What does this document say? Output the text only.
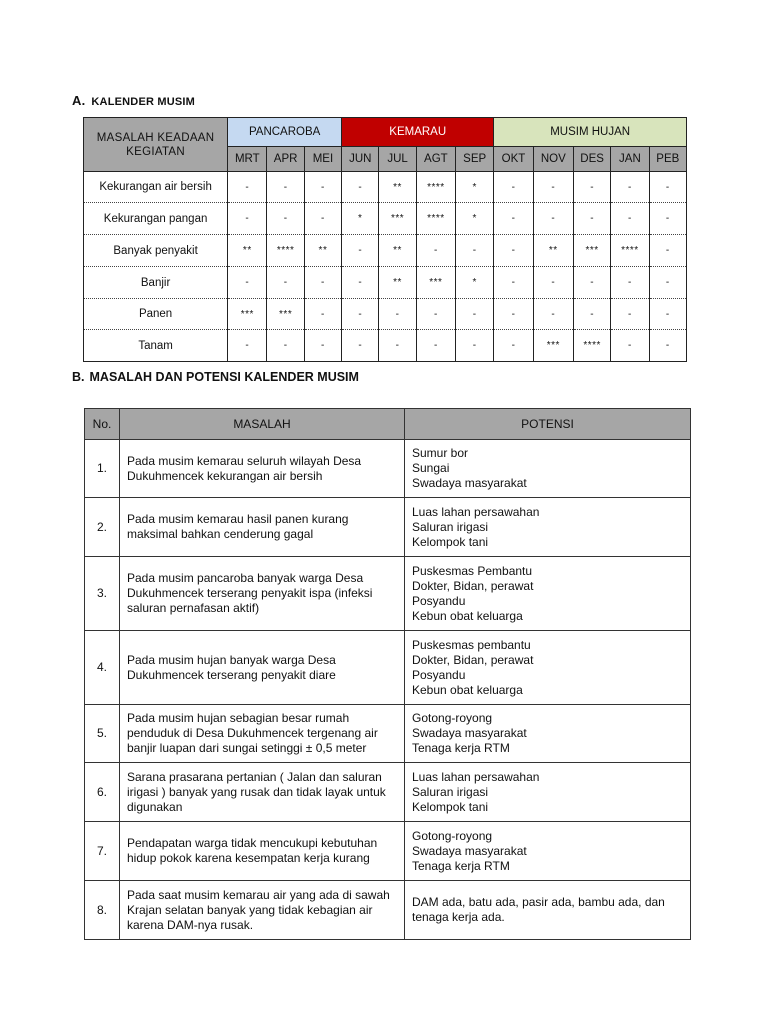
A. KALENDER MUSIM
MASALAH KEADAAN KEGIATAN	PANCAROBA			KEMARAU				MUSIM HUJAN				
	MRT	APR	MEI	JUN	JUL	AGT	SEP	OKT	NOV	DES	JAN	PEB
Kekurangan air bersih	-	-	-	-	**	****	*	-	-	-	-	-
Kekurangan pangan	-	-	-	*	***	****	*	-	-	-	-	-
Banyak penyakit	**	****	**	-	**	-	-	-	**	***	****	-
Banjir	-	-	-	-	**	***	*	-	-	-	-	-
Panen	***	***	-	-	-	-	-	-	-	-	-	-
Tanam	-	-	-	-	-	-	-	-	***	****	-	-
B. MASALAH DAN POTENSI KALENDER MUSIM
No.	MASALAH	POTENSI
1.	Pada musim kemarau seluruh wilayah Desa Dukuhmencek kekurangan air bersih	Sumur bor
Sungai
Swadaya masyarakat

2.	Pada musim kemarau hasil panen kurang maksimal bahkan cenderung gagal	Luas lahan persawahan
Saluran irigasi
Kelompok tani

3.	Pada musim pancaroba banyak warga Desa Dukuhmencek terserang penyakit ispa (infeksi saluran pernafasan aktif)	Puskesmas Pembantu
Dokter, Bidan, perawat
Posyandu
Kebun obat keluarga

4.	Pada musim hujan banyak warga Desa Dukuhmencek terserang penyakit diare	Puskesmas pembantu
Dokter, Bidan, perawat
Posyandu
Kebun obat keluarga

5.	Pada musim hujan sebagian besar rumah penduduk di Desa Dukuhmencek tergenang air banjir luapan dari sungai setinggi ± 0,5 meter	Gotong-royong
Swadaya masyarakat
Tenaga kerja RTM

6.	Sarana prasarana pertanian ( Jalan dan saluran irigasi ) banyak yang rusak dan tidak layak untuk digunakan	Luas lahan persawahan
Saluran irigasi
Kelompok tani

7.	Pendapatan warga tidak mencukupi kebutuhan hidup pokok karena kesempatan kerja kurang	Gotong-royong
Swadaya masyarakat
Tenaga kerja RTM

8.	Pada saat musim kemarau air yang ada di sawah Krajan selatan banyak yang tidak kebagian air karena DAM-nya rusak.	DAM ada, batu ada, pasir ada, bambu ada, dan tenaga kerja ada.
